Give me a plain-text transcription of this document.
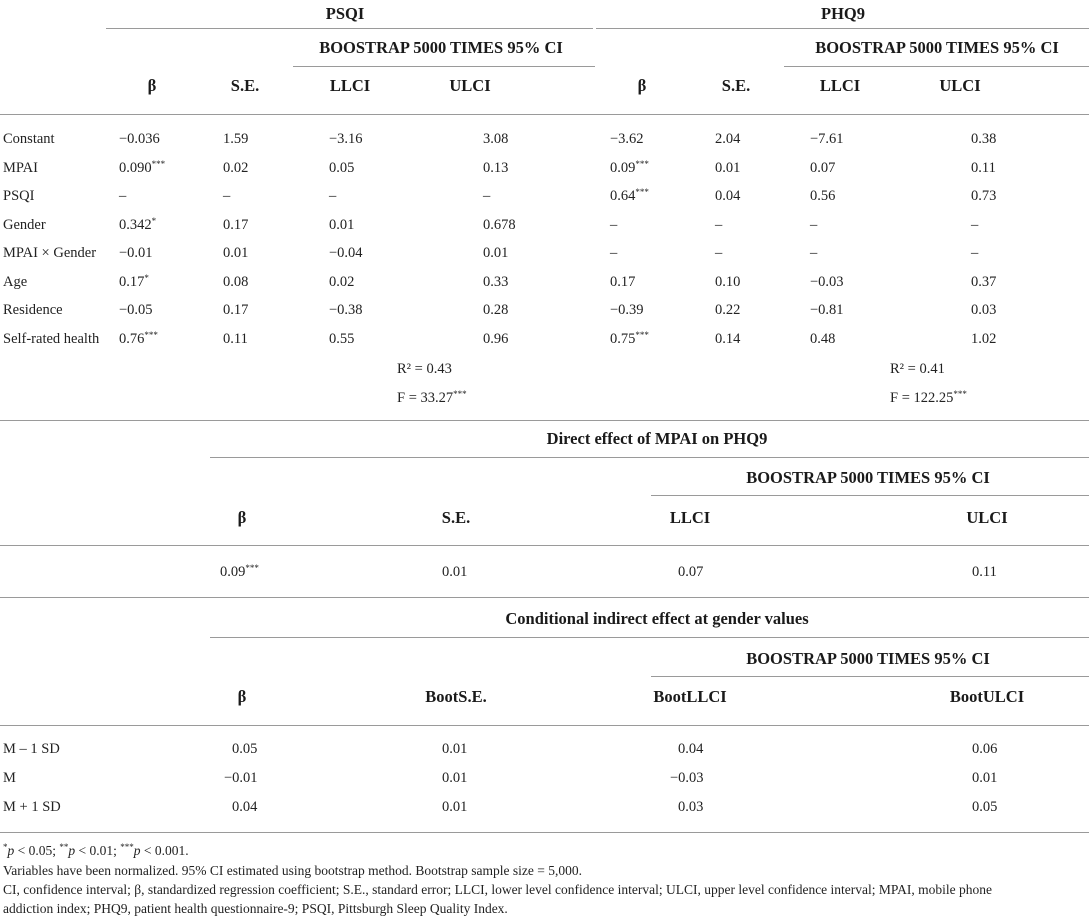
PSQI	PHQ9
BOOSTRAP 5000 TIMES 95% CI	BOOSTRAP 5000 TIMES 95% CI
β	S.E.	LLCI	ULCI	β	S.E.	LLCI	ULCI
Constant	−0.036	1.59	−3.16	3.08	−3.62	2.04	−7.61	0.38
MPAI	0.090***	0.02	0.05	0.13	0.09***	0.01	0.07	0.11
PSQI	–	–	–	–	0.64***	0.04	0.56	0.73
Gender	0.342*	0.17	0.01	0.678	–	–	–	–
MPAI × Gender −0.01	0.01	−0.04	0.01	–	–	–	–
Age	0.17*	0.08	0.02	0.33	0.17	0.10	−0.03	0.37
Residence	−0.05	0.17	−0.38	0.28	−0.39	0.22	−0.81	0.03
Self-rated health 0.76***	0.11	0.55	0.96	0.75***	0.14	0.48	1.02
R² = 0.43
F = 33.27***
R² = 0.41
F = 122.25***
Direct effect of MPAI on PHQ9
BOOSTRAP 5000 TIMES 95% CI
β	S.E.	LLCI	ULCI
0.09***	0.01	0.07	0.11
Conditional indirect effect at gender values
BOOSTRAP 5000 TIMES 95% CI
β	BootS.E.	BootLLCI	BootULCI
M – 1 SD	0.05	0.01	0.04	0.06
M	−0.01	0.01	−0.03	0.01
M + 1 SD	0.04	0.01	0.03	0.05
*p < 0.05; **p < 0.01; ***p < 0.001.
Variables have been normalized. 95% CI estimated using bootstrap method. Bootstrap sample size = 5,000.
CI, confidence interval; β, standardized regression coefficient; S.E., standard error; LLCI, lower level confidence interval; ULCI, upper level confidence interval; MPAI, mobile phone
addiction index; PHQ9, patient health questionnaire-9; PSQI, Pittsburgh Sleep Quality Index.
